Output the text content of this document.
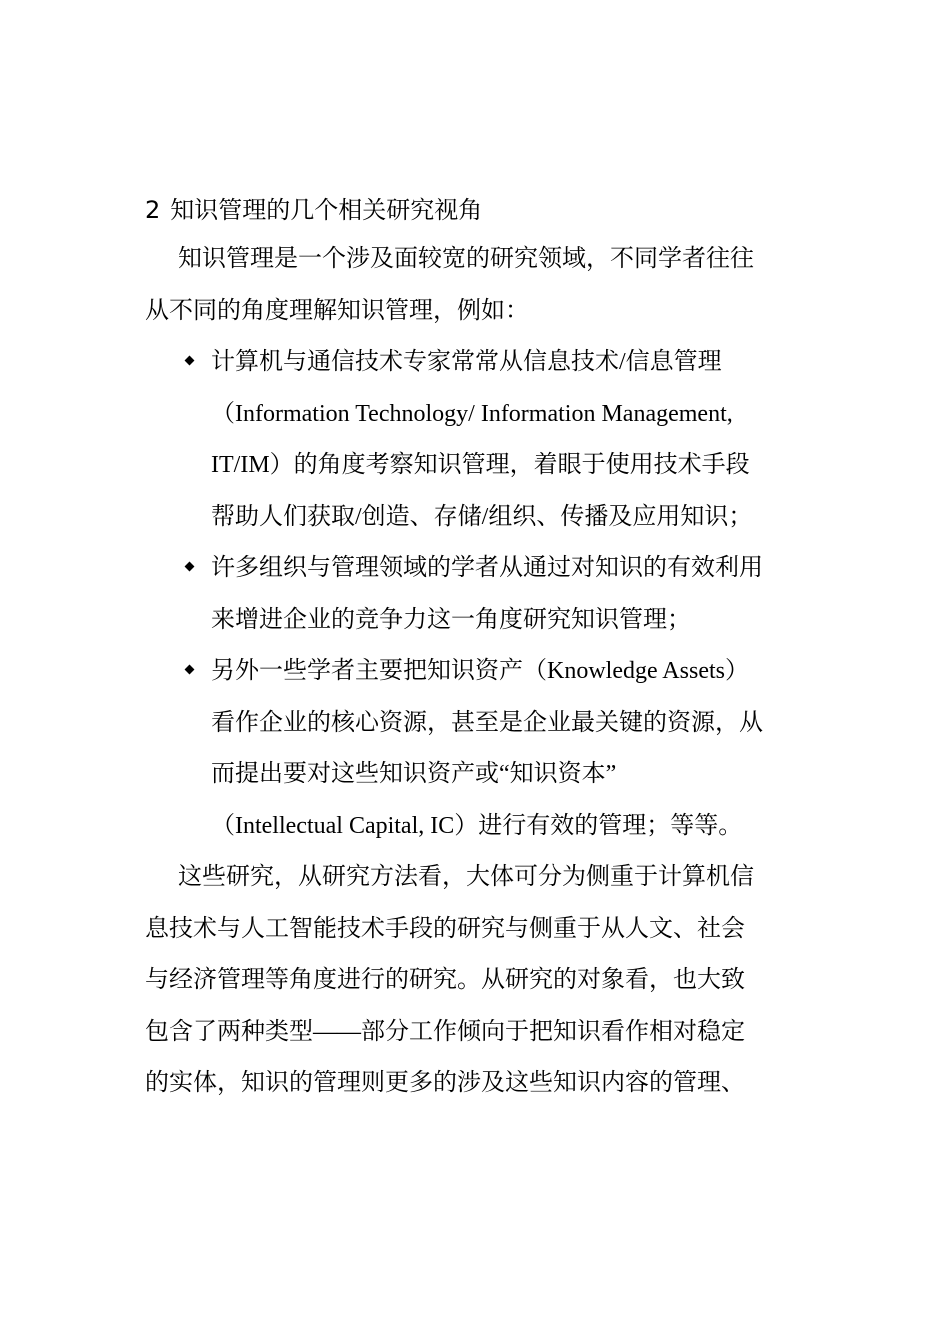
2 知识管理的几个相关研究视角

知识管理是一个涉及面较宽的研究领域，不同学者往往
从不同的角度理解知识管理，例如：

计算机与通信技术专家常常从信息技术/信息管理
（Information Technology/ Information Management,
IT/IM）的角度考察知识管理，着眼于使用技术手段
帮助人们获取/创造、存储/组织、传播及应用知识；
许多组织与管理领域的学者从通过对知识的有效利用
来增进企业的竞争力这一角度研究知识管理；
另外一些学者主要把知识资产（Knowledge Assets）
看作企业的核心资源，甚至是企业最关键的资源，从
而提出要对这些知识资产或“知识资本”
（Intellectual Capital, IC）进行有效的管理；等等。

这些研究，从研究方法看，大体可分为侧重于计算机信
息技术与人工智能技术手段的研究与侧重于从人文、社会
与经济管理等角度进行的研究。从研究的对象看，也大致
包含了两种类型——部分工作倾向于把知识看作相对稳定
的实体，知识的管理则更多的涉及这些知识内容的管理、
